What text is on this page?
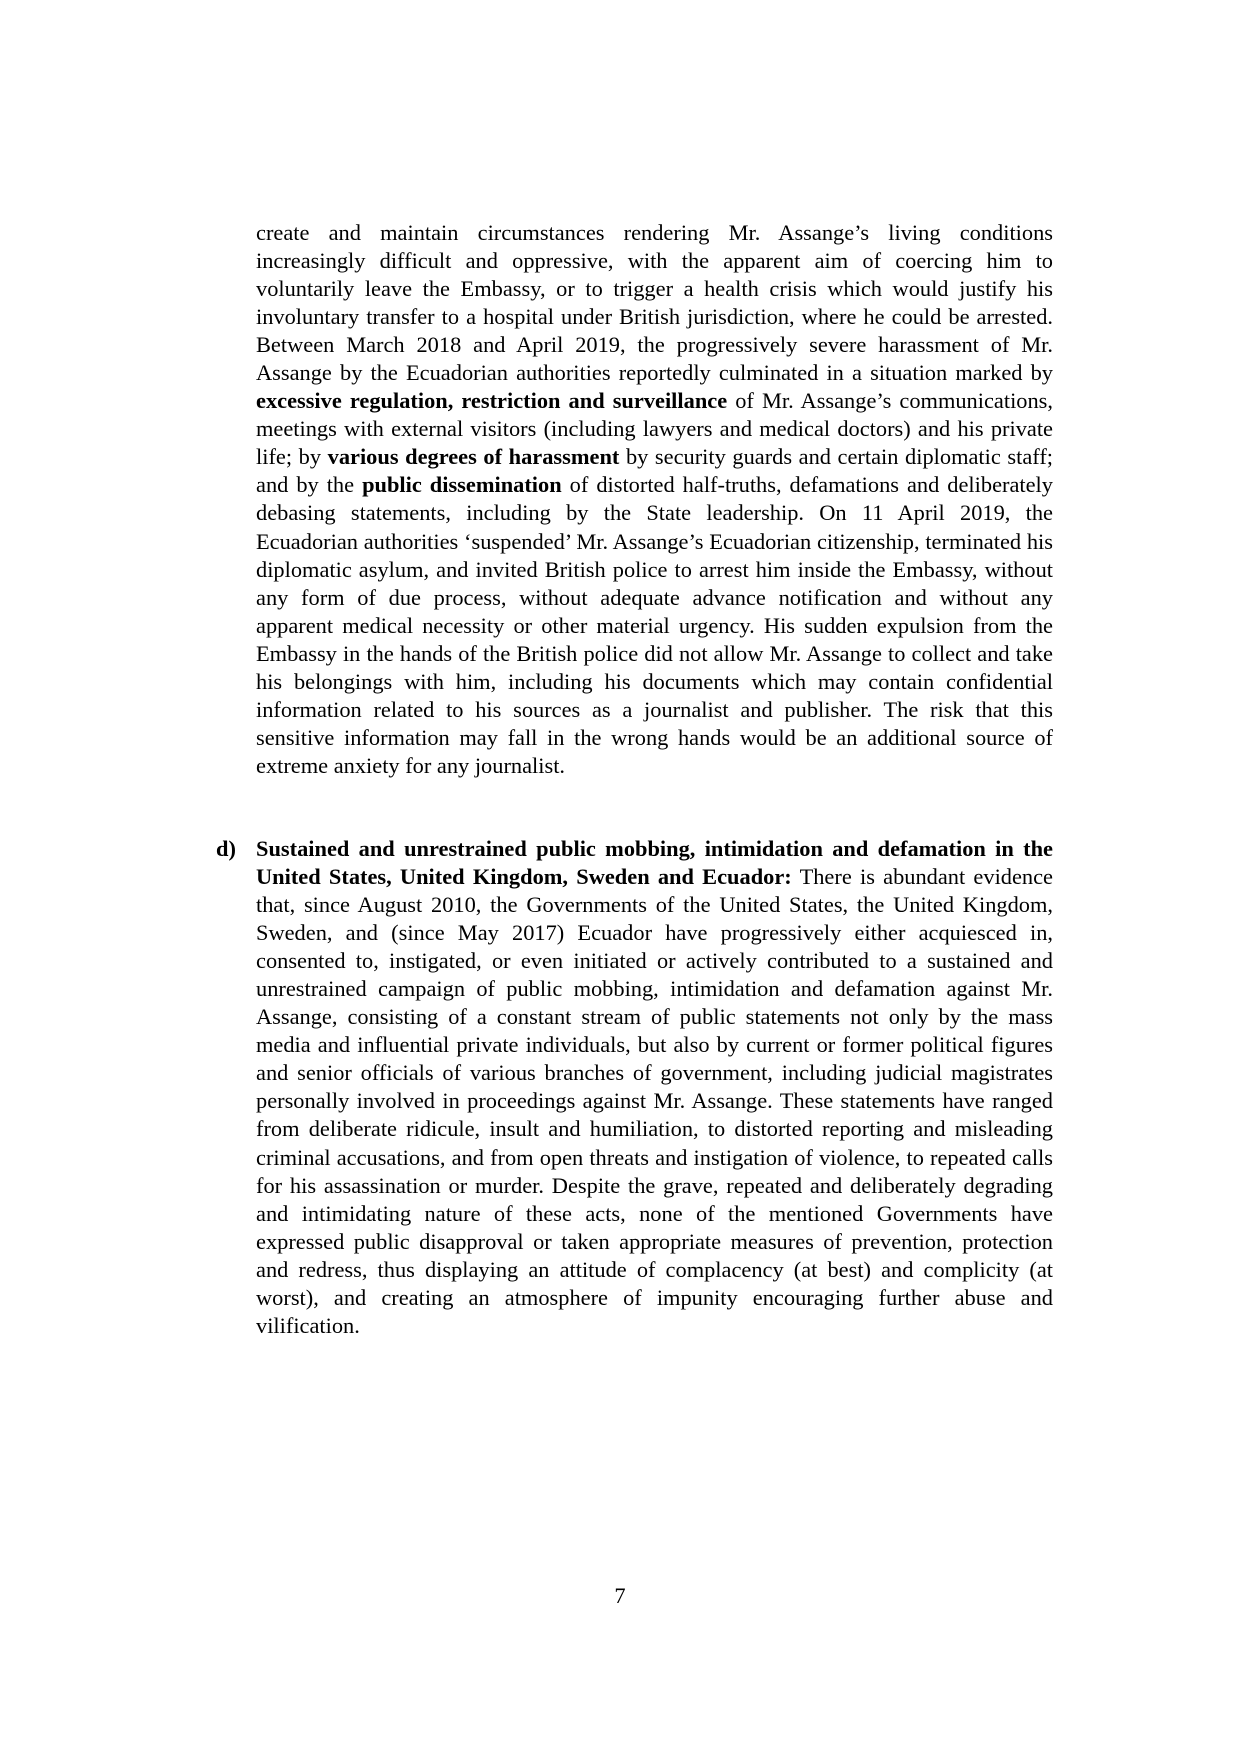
create and maintain circumstances rendering Mr. Assange’s living conditions increasingly difficult and oppressive, with the apparent aim of coercing him to voluntarily leave the Embassy, or to trigger a health crisis which would justify his involuntary transfer to a hospital under British jurisdiction, where he could be arrested. Between March 2018 and April 2019, the progressively severe harassment of Mr. Assange by the Ecuadorian authorities reportedly culminated in a situation marked by excessive regulation, restriction and surveillance of Mr. Assange’s communications, meetings with external visitors (including lawyers and medical doctors) and his private life; by various degrees of harassment by security guards and certain diplomatic staff; and by the public dissemination of distorted half-truths, defamations and deliberately debasing statements, including by the State leadership. On 11 April 2019, the Ecuadorian authorities ‘suspended’ Mr. Assange’s Ecuadorian citizenship, terminated his diplomatic asylum, and invited British police to arrest him inside the Embassy, without any form of due process, without adequate advance notification and without any apparent medical necessity or other material urgency. His sudden expulsion from the Embassy in the hands of the British police did not allow Mr. Assange to collect and take his belongings with him, including his documents which may contain confidential information related to his sources as a journalist and publisher. The risk that this sensitive information may fall in the wrong hands would be an additional source of extreme anxiety for any journalist.

d) Sustained and unrestrained public mobbing, intimidation and defamation in the United States, United Kingdom, Sweden and Ecuador: There is abundant evidence that, since August 2010, the Governments of the United States, the United Kingdom, Sweden, and (since May 2017) Ecuador have progressively either acquiesced in, consented to, instigated, or even initiated or actively contributed to a sustained and unrestrained campaign of public mobbing, intimidation and defamation against Mr. Assange, consisting of a constant stream of public statements not only by the mass media and influential private individuals, but also by current or former political figures and senior officials of various branches of government, including judicial magistrates personally involved in proceedings against Mr. Assange. These statements have ranged from deliberate ridicule, insult and humiliation, to distorted reporting and misleading criminal accusations, and from open threats and instigation of violence, to repeated calls for his assassination or murder. Despite the grave, repeated and deliberately degrading and intimidating nature of these acts, none of the mentioned Governments have expressed public disapproval or taken appropriate measures of prevention, protection and redress, thus displaying an attitude of complacency (at best) and complicity (at worst), and creating an atmosphere of impunity encouraging further abuse and vilification.

7
